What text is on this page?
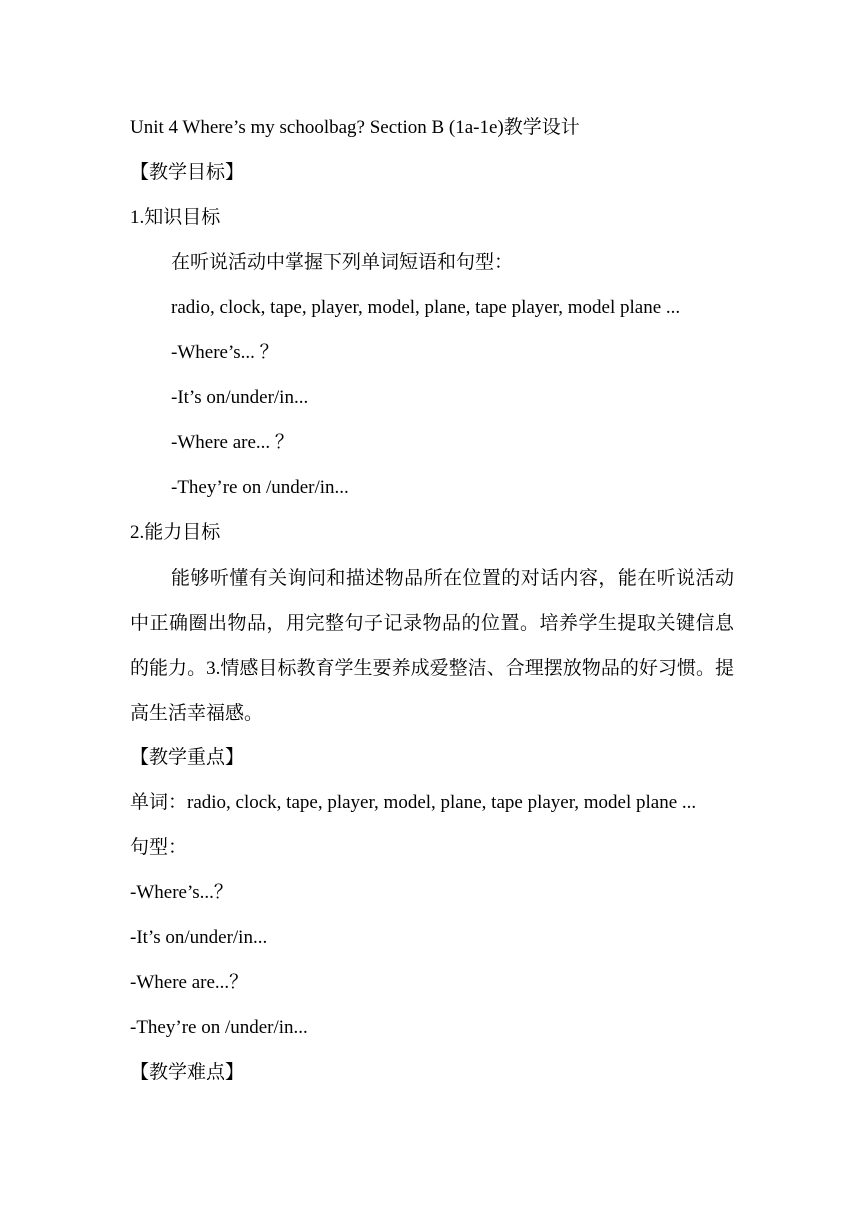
Unit 4 Where’s my schoolbag? Section B (1a-1e)教学设计
【教学目标】
1.知识目标
在听说活动中掌握下列单词短语和句型：
radio, clock, tape, player, model, plane, tape player, model plane ...
-Where’s... ？
-It’s on/under/in...
-Where are... ？
-They’re on /under/in...
2.能力目标
能够听懂有关询问和描述物品所在位置的对话内容，能在听说活动中正确圈出物品，用完整句子记录物品的位置。培养学生提取关键信息的能力。3.情感目标教育学生要养成爱整洁、合理摆放物品的好习惯。提高生活幸福感。
【教学重点】
单词：radio, clock, tape, player, model, plane, tape player, model plane ...
句型：
-Where’s...？
-It’s on/under/in...
-Where are...？
-They’re on /under/in...
【教学难点】
